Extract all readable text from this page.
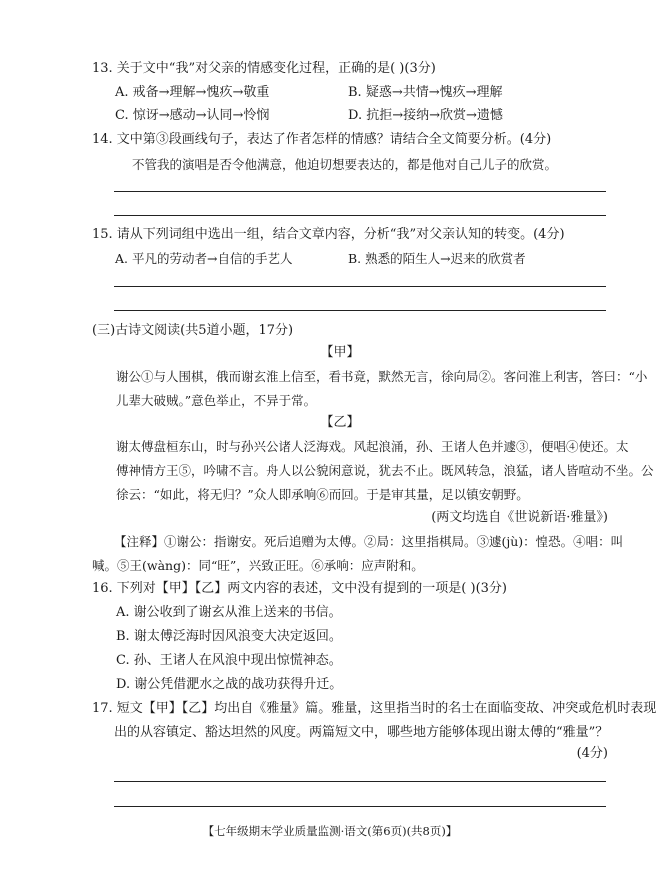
13. 关于文中“我”对父亲的情感变化过程，正确的是( )(3分)
A. 戒备→理解→愧疚→敬重	B. 疑惑→共情→愧疚→理解
C. 惊讶→感动→认同→怜悯	D. 抗拒→接纳→欣赏→遗憾
14. 文中第③段画线句子，表达了作者怎样的情感？请结合全文简要分析。(4分)
不管我的演唱是否令他满意，他迫切想要表达的，都是他对自己儿子的欣赏。
15. 请从下列词组中选出一组，结合文章内容，分析“我”对父亲认知的转变。(4分)
A. 平凡的劳动者→自信的手艺人	B. 熟悉的陌生人→迟来的欣赏者
(三)古诗文阅读(共5道小题，17分)
【甲】
谢公①与人围棋，俄而谢玄淮上信至，看书竟，默然无言，徐向局②。客问淮上利害，答曰：“小
儿辈大破贼。”意色举止，不异于常。
【乙】
谢太傅盘桓东山，时与孙兴公诸人泛海戏。风起浪涌，孙、王诸人色并遽③，便唱④使还。太
傅神情方王⑤，吟啸不言。舟人以公貌闲意说，犹去不止。既风转急，浪猛，诸人皆喧动不坐。公
徐云：“如此，将无归？”众人即承响⑥而回。于是审其量，足以镇安朝野。
(两文均选自《世说新语·雅量》)
【注释】①谢公：指谢安。死后追赠为太傅。②局：这里指棋局。③遽(jù)：惶恐。④唱：叫
喊。⑤王(wàng)：同“旺”，兴致正旺。⑥承响：应声附和。
16. 下列对【甲】【乙】两文内容的表述，文中没有提到的一项是( )(3分)
A. 谢公收到了谢玄从淮上送来的书信。
B. 谢太傅泛海时因风浪变大决定返回。
C. 孙、王诸人在风浪中现出惊慌神态。
D. 谢公凭借淝水之战的战功获得升迁。
17. 短文【甲】【乙】均出自《雅量》篇。雅量，这里指当时的名士在面临变故、冲突或危机时表现
出的从容镇定、豁达坦然的风度。两篇短文中，哪些地方能够体现出谢太傅的“雅量”？
(4分)
【七年级期末学业质量监测·语文(第6页)(共8页)】
